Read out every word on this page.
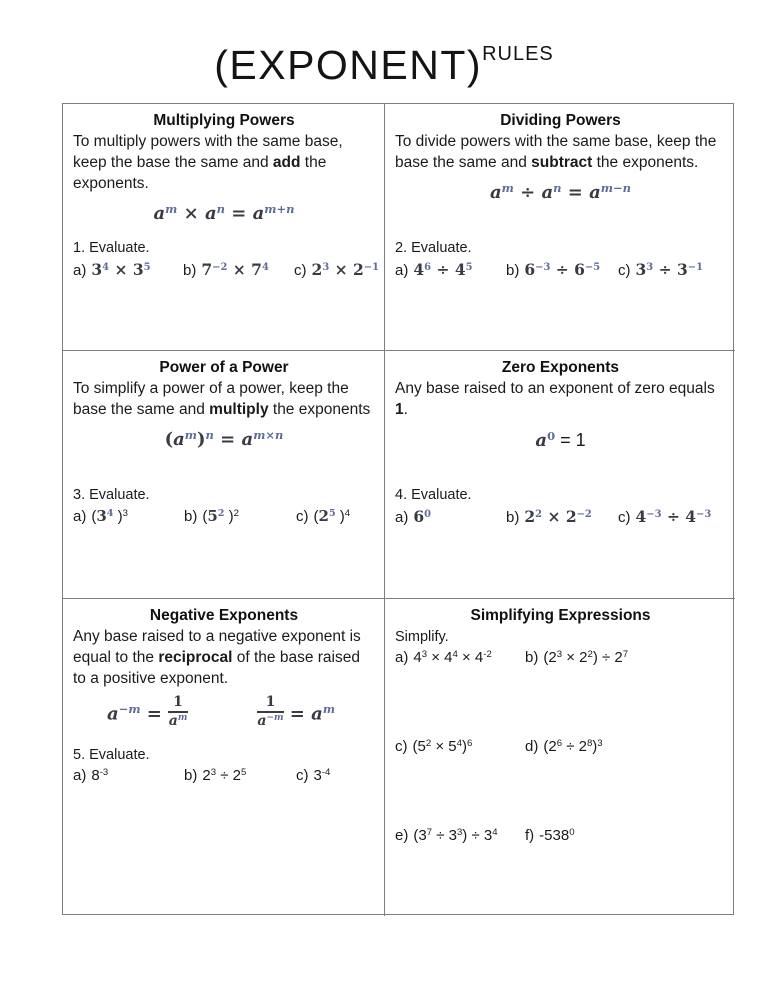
(EXPONENT)RULES
Multiplying Powers

To multiply powers with the same base, keep the base the same and add the exponents.

$a^m \times a^n = a^{m+n}$
1. Evaluate.
a) $3^4 \times 3^5$	b) $7^{-2} \times 7^4$	c) $2^3 \times 2^{-1}$
Dividing Powers

To divide powers with the same base, keep the base the same and subtract the exponents.

$a^m \div a^n = a^{m-n}$
2. Evaluate.
a) $4^6 \div 4^5$	b) $6^{-3} \div 6^{-5}$	c) $3^3 \div 3^{-1}$
Power of a Power

To simplify a power of a power, keep the base the same and multiply the exponents

$(a^m)^n = a^{m\times n}$
3. Evaluate.
a) ($3^4$ )$^3$	b) ($5^2$ )$^2$	c) ($2^5$ )$^4$
Zero Exponents

Any base raised to an exponent of zero equals 1.

$a^0 = 1$
4. Evaluate.
a) $6^0$	b) $2^2 \times 2^{-2}$	c) $4^{-3} \div 4^{-3}$
Negative Exponents

Any base raised to a negative exponent is equal to the reciprocal of the base raised to a positive exponent.

$a^{-m} = \frac{1}{a^m}$	$\frac{1}{a^{-m}} = a^m$
5. Evaluate.
a) $8^{-3}$	b) $2^3 \div 2^5$	c) $3^{-4}$
Simplifying Expressions

Simplify.

a) $4^3 \times 4^4 \times 4^{-2}$	b) $(2^3 \times 2^2) \div 2^7$
c) $(5^2 \times 5^4)^6$	d) $(2^6 \div 2^8)^3$
e) $(3^7 \div 3^3) \div 3^4$	f) $-538^0$
